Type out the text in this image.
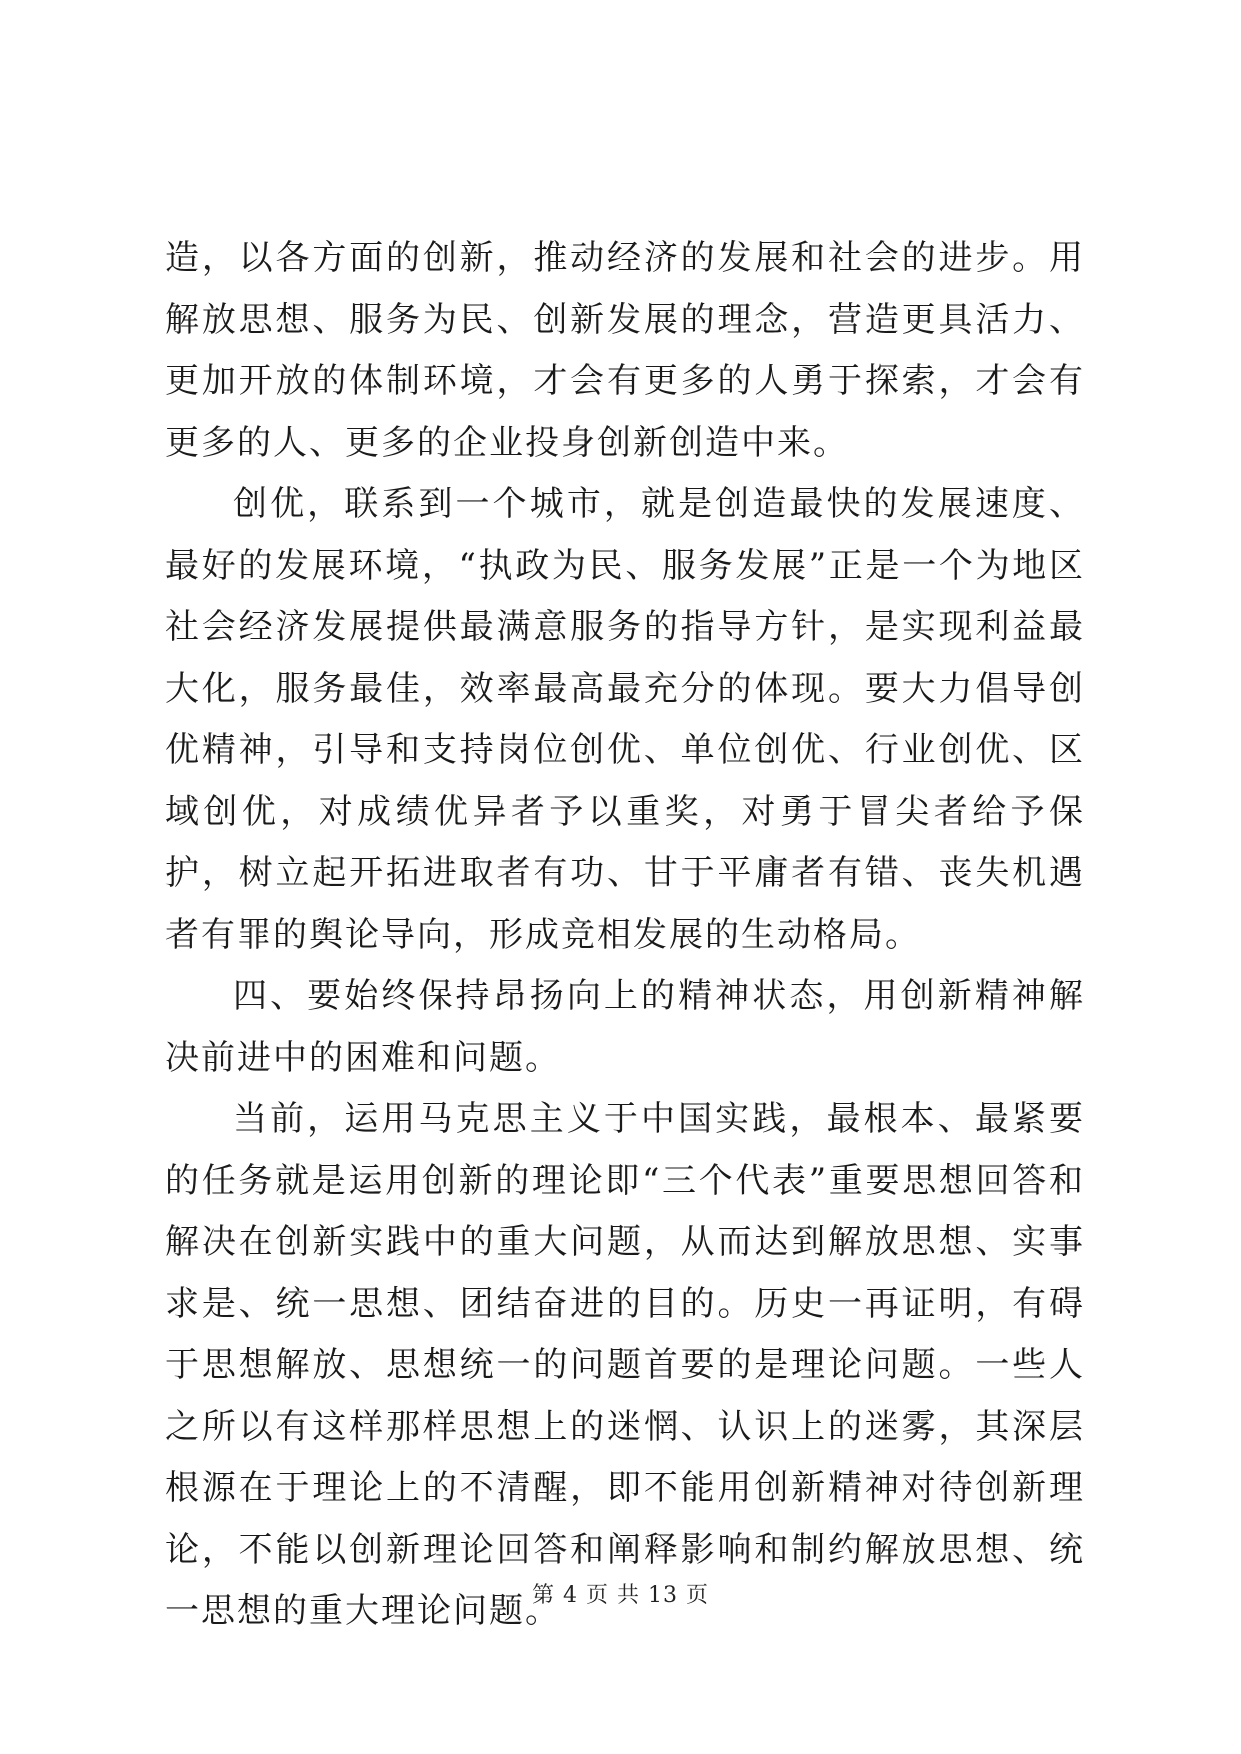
造，以各方面的创新，推动经济的发展和社会的进步。用解放思想、服务为民、创新发展的理念，营造更具活力、更加开放的体制环境，才会有更多的人勇于探索，才会有更多的人、更多的企业投身创新创造中来。

创优，联系到一个城市，就是创造最快的发展速度、最好的发展环境，“执政为民、服务发展”正是一个为地区社会经济发展提供最满意服务的指导方针，是实现利益最大化，服务最佳，效率最高最充分的体现。要大力倡导创优精神，引导和支持岗位创优、单位创优、行业创优、区域创优，对成绩优异者予以重奖，对勇于冒尖者给予保护，树立起开拓进取者有功、甘于平庸者有错、丧失机遇者有罪的舆论导向，形成竞相发展的生动格局。

四、要始终保持昂扬向上的精神状态，用创新精神解决前进中的困难和问题。

当前，运用马克思主义于中国实践，最根本、最紧要的任务就是运用创新的理论即“三个代表”重要思想回答和解决在创新实践中的重大问题，从而达到解放思想、实事求是、统一思想、团结奋进的目的。历史一再证明，有碍于思想解放、思想统一的问题首要的是理论问题。一些人之所以有这样那样思想上的迷惘、认识上的迷雾，其深层根源在于理论上的不清醒，即不能用创新精神对待创新理论，不能以创新理论回答和阐释影响和制约解放思想、统一思想的重大理论问题。

第 4 页 共 13 页
